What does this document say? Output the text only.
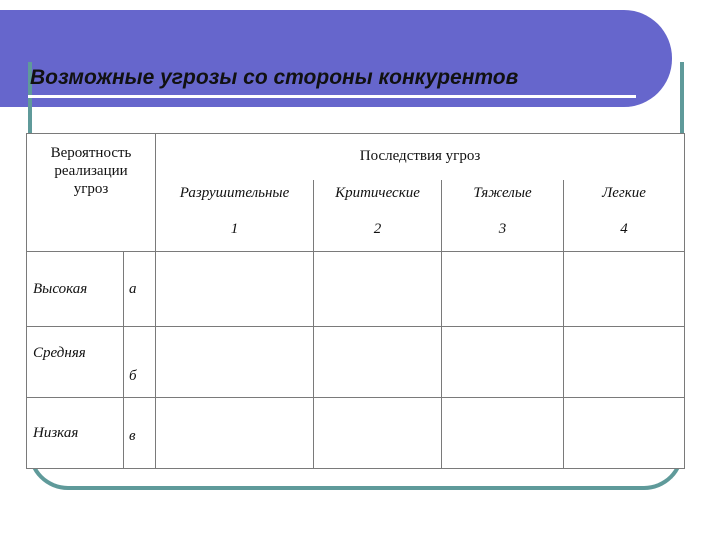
Возможные угрозы со стороны конкурентов
Вероятность реализации угроз		Последствия угроз			
		Разрушительные	Критические	Тяжелые	Легкие
		1	2	3	4
Высокая	а				
Средняя	б				
Низкая	в				
